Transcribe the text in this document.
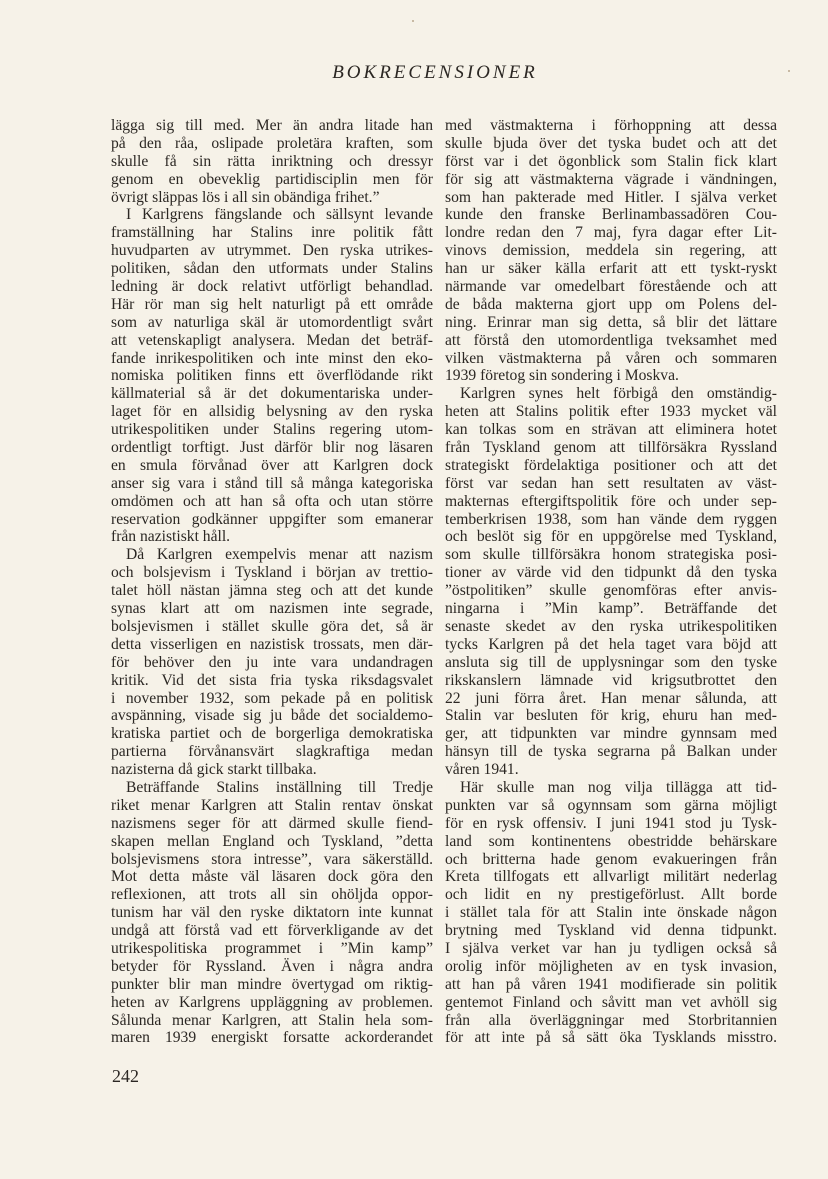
BOKRECENSIONER
lägga sig till med. Mer än andra litade han
på den råa, oslipade proletära kraften, som
skulle få sin rätta inriktning och dressyr
genom en obeveklig partidisciplin men för
övrigt släppas lös i all sin obändiga frihet.”
I Karlgrens fängslande och sällsynt levande
framställning har Stalins inre politik fått
huvudparten av utrymmet. Den ryska utrikes-
politiken, sådan den utformats under Stalins
ledning är dock relativt utförligt behandlad.
Här rör man sig helt naturligt på ett område
som av naturliga skäl är utomordentligt svårt
att vetenskapligt analysera. Medan det beträf-
fande inrikespolitiken och inte minst den eko-
nomiska politiken finns ett överflödande rikt
källmaterial så är det dokumentariska under-
laget för en allsidig belysning av den ryska
utrikespolitiken under Stalins regering utom-
ordentligt torftigt. Just därför blir nog läsaren
en smula förvånad över att Karlgren dock
anser sig vara i stånd till så många kategoriska
omdömen och att han så ofta och utan större
reservation godkänner uppgifter som emanerar
från nazistiskt håll.
Då Karlgren exempelvis menar att nazism
och bolsjevism i Tyskland i början av trettio-
talet höll nästan jämna steg och att det kunde
synas klart att om nazismen inte segrade,
bolsjevismen i stället skulle göra det, så är
detta visserligen en nazistisk trossats, men där-
för behöver den ju inte vara undandragen
kritik. Vid det sista fria tyska riksdagsvalet
i november 1932, som pekade på en politisk
avspänning, visade sig ju både det socialdemo-
kratiska partiet och de borgerliga demokratiska
partierna förvånansvärt slagkraftiga medan
nazisterna då gick starkt tillbaka.
Beträffande Stalins inställning till Tredje
riket menar Karlgren att Stalin rentav önskat
nazismens seger för att därmed skulle fiend-
skapen mellan England och Tyskland, ”detta
bolsjevismens stora intresse”, vara säkerställd.
Mot detta måste väl läsaren dock göra den
reflexionen, att trots all sin ohöljda oppor-
tunism har väl den ryske diktatorn inte kunnat
undgå att förstå vad ett förverkligande av det
utrikespolitiska programmet i ”Min kamp”
betyder för Ryssland. Även i några andra
punkter blir man mindre övertygad om riktig-
heten av Karlgrens uppläggning av problemen.
Sålunda menar Karlgren, att Stalin hela som-
maren 1939 energiskt forsatte ackorderandet
med västmakterna i förhoppning att dessa
skulle bjuda över det tyska budet och att det
först var i det ögonblick som Stalin fick klart
för sig att västmakterna vägrade i vändningen,
som han pakterade med Hitler. I själva verket
kunde den franske Berlinambassadören Cou-
londre redan den 7 maj, fyra dagar efter Lit-
vinovs demission, meddela sin regering, att
han ur säker källa erfarit att ett tyskt-ryskt
närmande var omedelbart förestående och att
de båda makterna gjort upp om Polens del-
ning. Erinrar man sig detta, så blir det lättare
att förstå den utomordentliga tveksamhet med
vilken västmakterna på våren och sommaren
1939 företog sin sondering i Moskva.
Karlgren synes helt förbigå den omständig-
heten att Stalins politik efter 1933 mycket väl
kan tolkas som en strävan att eliminera hotet
från Tyskland genom att tillförsäkra Ryssland
strategiskt fördelaktiga positioner och att det
först var sedan han sett resultaten av väst-
makternas eftergiftspolitik före och under sep-
temberkrisen 1938, som han vände dem ryggen
och beslöt sig för en uppgörelse med Tyskland,
som skulle tillförsäkra honom strategiska posi-
tioner av värde vid den tidpunkt då den tyska
”östpolitiken” skulle genomföras efter anvis-
ningarna i ”Min kamp”. Beträffande det
senaste skedet av den ryska utrikespolitiken
tycks Karlgren på det hela taget vara böjd att
ansluta sig till de upplysningar som den tyske
rikskanslern lämnade vid krigsutbrottet den
22 juni förra året. Han menar sålunda, att
Stalin var besluten för krig, ehuru han med-
ger, att tidpunkten var mindre gynnsam med
hänsyn till de tyska segrarna på Balkan under
våren 1941.
Här skulle man nog vilja tillägga att tid-
punkten var så ogynnsam som gärna möjligt
för en rysk offensiv. I juni 1941 stod ju Tysk-
land som kontinentens obestridde behärskare
och britterna hade genom evakueringen från
Kreta tillfogats ett allvarligt militärt nederlag
och lidit en ny prestigeförlust. Allt borde
i stället tala för att Stalin inte önskade någon
brytning med Tyskland vid denna tidpunkt.
I själva verket var han ju tydligen också så
orolig inför möjligheten av en tysk invasion,
att han på våren 1941 modifierade sin politik
gentemot Finland och såvitt man vet avhöll sig
från alla överläggningar med Storbritannien
för att inte på så sätt öka Tysklands misstro.
242
